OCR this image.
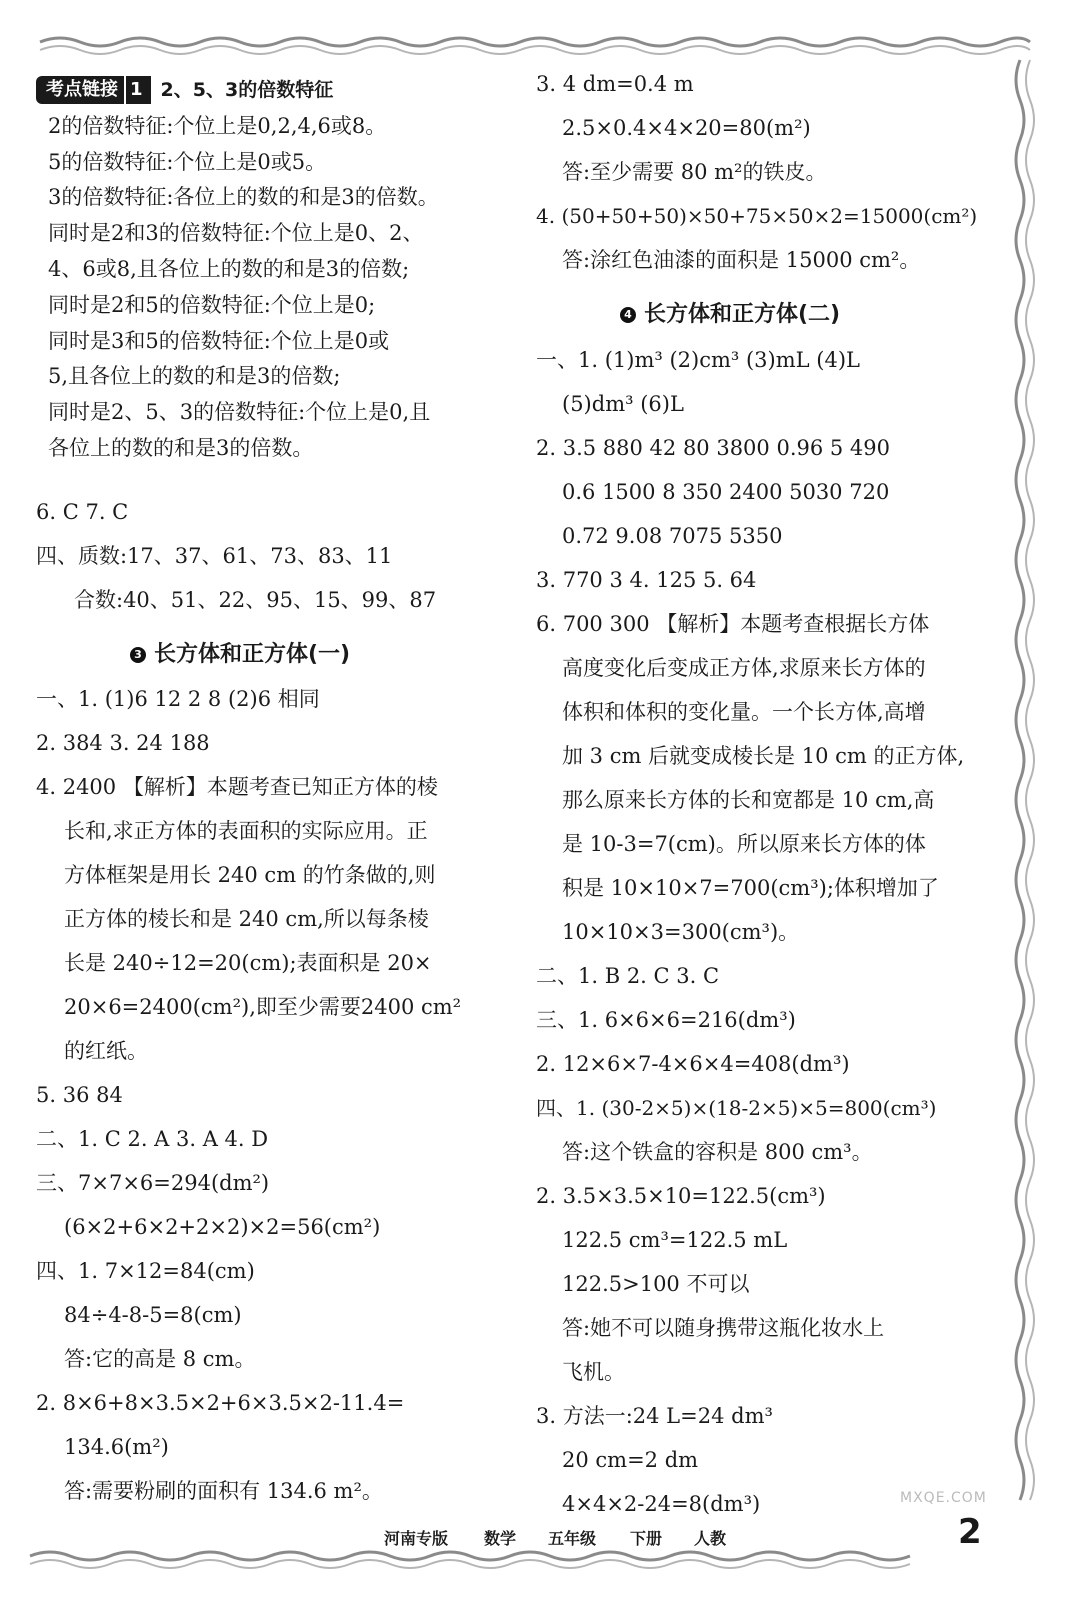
考点链接 1 2、5、3的倍数特征
2的倍数特征:个位上是0,2,4,6或8。
5的倍数特征:个位上是0或5。
3的倍数特征:各位上的数的和是3的倍数。
同时是2和3的倍数特征:个位上是0、2、
4、6或8,且各位上的数的和是3的倍数;
同时是2和5的倍数特征:个位上是0;
同时是3和5的倍数特征:个位上是0或
5,且各位上的数的和是3的倍数;
同时是2、5、3的倍数特征:个位上是0,且
各位上的数的和是3的倍数。
6. C 7. C
四、质数:17、37、61、73、83、11
合数:40、51、22、95、15、99、87
3 长方体和正方体(一)
一、1. (1)6 12 2 8 (2)6 相同
2. 384 3. 24 188
4. 2400 【解析】本题考查已知正方体的棱
长和,求正方体的表面积的实际应用。正
方体框架是用长 240 cm 的竹条做的,则
正方体的棱长和是 240 cm,所以每条棱
长是 240÷12=20(cm);表面积是 20×
20×6=2400(cm²),即至少需要2400 cm²
的红纸。
5. 36 84
二、1. C 2. A 3. A 4. D
三、7×7×6=294(dm²)
(6×2+6×2+2×2)×2=56(cm²)
四、1. 7×12=84(cm)
84÷4-8-5=8(cm)
答:它的高是 8 cm。
2. 8×6+8×3.5×2+6×3.5×2-11.4=
134.6(m²)
答:需要粉刷的面积有 134.6 m²。
3. 4 dm=0.4 m
2.5×0.4×4×20=80(m²)
答:至少需要 80 m²的铁皮。
4. (50+50+50)×50+75×50×2=15000(cm²)
答:涂红色油漆的面积是 15000 cm²。
4 长方体和正方体(二)
一、1. (1)m³ (2)cm³ (3)mL (4)L
(5)dm³ (6)L
2. 3.5 880 42 80 3800 0.96 5 490
0.6 1500 8 350 2400 5030 720
0.72 9.08 7075 5350
3. 770 3 4. 125 5. 64
6. 700 300 【解析】本题考查根据长方体
高度变化后变成正方体,求原来长方体的
体积和体积的变化量。一个长方体,高增
加 3 cm 后就变成棱长是 10 cm 的正方体,
那么原来长方体的长和宽都是 10 cm,高
是 10-3=7(cm)。所以原来长方体的体
积是 10×10×7=700(cm³);体积增加了
10×10×3=300(cm³)。
二、1. B 2. C 3. C
三、1. 6×6×6=216(dm³)
2. 12×6×7-4×6×4=408(dm³)
四、1. (30-2×5)×(18-2×5)×5=800(cm³)
答:这个铁盒的容积是 800 cm³。
2. 3.5×3.5×10=122.5(cm³)
122.5 cm³=122.5 mL
122.5>100 不可以
答:她不可以随身携带这瓶化妆水上
飞机。
3. 方法一:24 L=24 dm³
20 cm=2 dm
4×4×2-24=8(dm³)
河南专版 数学 五年级 下册 人教	2
MXQE.COM
